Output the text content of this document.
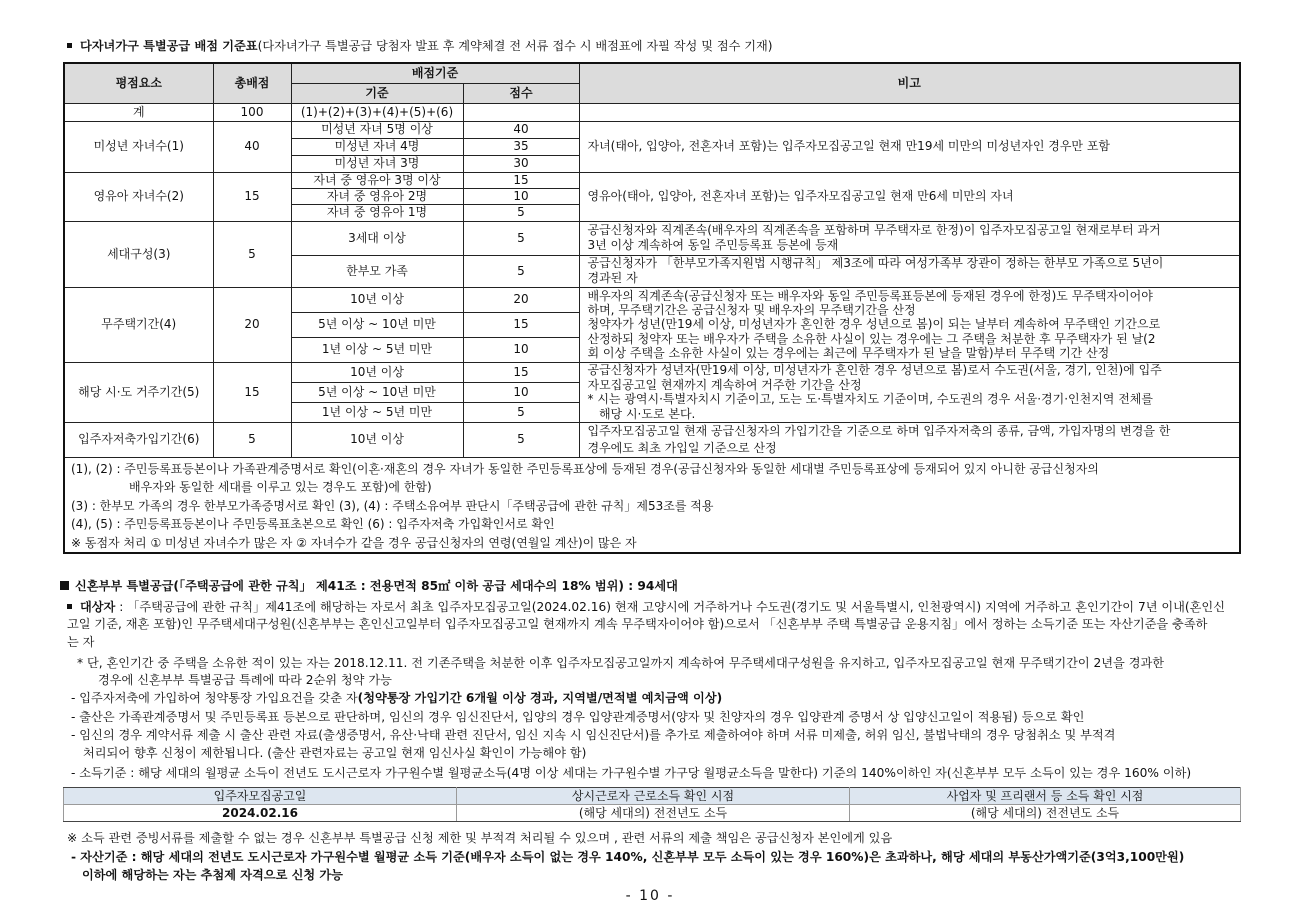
다자녀가구 특별공급 배점 기준표(다자녀가구 특별공급 당첨자 발표 후 계약체결 전 서류 접수 시 배점표에 자필 작성 및 점수 기재)
평점요소	총배점	배점기준		비고
		기준	점수	
계	100	(1)+(2)+(3)+(4)+(5)+(6)		
미성년 자녀수(1)	40	미성년 자녀 5명 이상	40	자녀(태아, 입양아, 전혼자녀 포함)는 입주자모집공고일 현재 만19세 미만의 미성년자인 경우만 포함
		미성년 자녀 4명	35	
		미성년 자녀 3명	30	
영유아 자녀수(2)	15	자녀 중 영유아 3명 이상	15	영유아(태아, 입양아, 전혼자녀 포함)는 입주자모집공고일 현재 만6세 미만의 자녀
		자녀 중 영유아 2명	10	
		자녀 중 영유아 1명	5	
세대구성(3)	5	3세대 이상	5	공급신청자와 직계존속(배우자의 직계존속을 포함하며 무주택자로 한정)이 입주자모집공고일 현재로부터 과거
3년 이상 계속하여 동일 주민등록표 등본에 등재
		한부모 가족	5	공급신청자가 「한부모가족지원법 시행규칙」 제3조에 따라 여성가족부 장관이 정하는 한부모 가족으로 5년이
경과된 자
무주택기간(4)	20	10년 이상	20	배우자의 직계존속(공급신청자 또는 배우자와 동일 주민등록표등본에 등재된 경우에 한정)도 무주택자이어야
하며, 무주택기간은 공급신청자 및 배우자의 무주택기간을 산정
청약자가 성년(만19세 이상, 미성년자가 혼인한 경우 성년으로 봄)이 되는 날부터 계속하여 무주택인 기간으로
산정하되 청약자 또는 배우자가 주택을 소유한 사실이 있는 경우에는 그 주택을 처분한 후 무주택자가 된 날(2
회 이상 주택을 소유한 사실이 있는 경우에는 최근에 무주택자가 된 날을 말함)부터 무주택 기간 산정
		5년 이상 ~ 10년 미만	15	
		1년 이상 ~ 5년 미만	10	
해당 시·도 거주기간(5)	15	10년 이상	15	공급신청자가 성년자(만19세 이상, 미성년자가 혼인한 경우 성년으로 봄)로서 수도권(서울, 경기, 인천)에 입주
자모집공고일 현재까지 계속하여 거주한 기간을 산정
* 시는 광역시·특별자치시 기준이고, 도는 도·특별자치도 기준이며, 수도권의 경우 서울·경기·인천지역 전체를
해당 시·도로 본다.
		5년 이상 ~ 10년 미만	10	
		1년 이상 ~ 5년 미만	5	
입주자저축가입기간(6)	5	10년 이상	5	입주자모집공고일 현재 공급신청자의 가입기간을 기준으로 하며 입주자저축의 종류, 금액, 가입자명의 변경을 한
경우에도 최초 가입일 기준으로 산정
(1), (2) : 주민등록표등본이나 가족관계증명서로 확인(이혼·재혼의 경우 자녀가 동일한 주민등록표상에 등재된 경우(공급신청자와 동일한 세대별 주민등록표상에 등재되어 있지 아니한 공급신청자의

배우자와 동일한 세대를 이루고 있는 경우도 포함)에 한함)
(3) : 한부모 가족의 경우 한부모가족증명서로 확인 (3), (4) : 주택소유여부 판단시「주택공급에 관한 규칙」제53조를 적용
(4), (5) : 주민등록표등본이나 주민등록표초본으로 확인 (6) : 입주자저축 가입확인서로 확인
※ 동점자 처리 ① 미성년 자녀수가 많은 자 ② 자녀수가 같을 경우 공급신청자의 연령(연월일 계산)이 많은 자				
신혼부부 특별공급(「주택공급에 관한 규칙」 제41조 : 전용면적 85㎡ 이하 공급 세대수의 18% 범위) : 94세대
대상자 : 「주택공급에 관한 규칙」제41조에 해당하는 자로서 최초 입주자모집공고일(2024.02.16) 현재 고양시에 거주하거나 수도권(경기도 및 서울특별시, 인천광역시) 지역에 거주하고 혼인기간이 7년 이내(혼인신
고일 기준, 재혼 포함)인 무주택세대구성원(신혼부부는 혼인신고일부터 입주자모집공고일 현재까지 계속 무주택자이어야 함)으로서 「신혼부부 주택 특별공급 운용지침」에서 정하는 소득기준 또는 자산기준을 충족하
는 자
* 단, 혼인기간 중 주택을 소유한 적이 있는 자는 2018.12.11. 전 기존주택을 처분한 이후 입주자모집공고일까지 계속하여 무주택세대구성원을 유지하고, 입주자모집공고일 현재 무주택기간이 2년을 경과한
경우에 신혼부부 특별공급 특례에 따라 2순위 청약 가능
- 입주자저축에 가입하여 청약통장 가입요건을 갖춘 자(청약통장 가입기간 6개월 이상 경과, 지역별/면적별 예치금액 이상)
- 출산은 가족관계증명서 및 주민등록표 등본으로 판단하며, 임신의 경우 임신진단서, 입양의 경우 입양관계증명서(양자 및 친양자의 경우 입양관계 증명서 상 입양신고일이 적용됨) 등으로 확인
- 임신의 경우 계약서류 제출 시 출산 관련 자료(출생증명서, 유산·낙태 관련 진단서, 임신 지속 시 임신진단서)를 추가로 제출하여야 하며 서류 미제출, 허위 임신, 불법낙태의 경우 당첨취소 및 부적격
처리되어 향후 신청이 제한됩니다. (출산 관련자료는 공고일 현재 임신사실 확인이 가능해야 함)
- 소득기준 : 해당 세대의 월평균 소득이 전년도 도시근로자 가구원수별 월평균소득(4명 이상 세대는 가구원수별 가구당 월평균소득을 말한다) 기준의 140%이하인 자(신혼부부 모두 소득이 있는 경우 160% 이하)
입주자모집공고일	상시근로자 근로소득 확인 시점	사업자 및 프리랜서 등 소득 확인 시점
2024.02.16	(해당 세대의) 전전년도 소득	(해당 세대의) 전전년도 소득
※ 소득 관련 증빙서류를 제출할 수 없는 경우 신혼부부 특별공급 신청 제한 및 부적격 처리될 수 있으며 , 관련 서류의 제출 책임은 공급신청자 본인에게 있음
- 자산기준 : 해당 세대의 전년도 도시근로자 가구원수별 월평균 소득 기준(배우자 소득이 없는 경우 140%, 신혼부부 모두 소득이 있는 경우 160%)은 초과하나, 해당 세대의 부동산가액기준(3억3,100만원)
이하에 해당하는 자는 추첨제 자격으로 신청 가능
- 10 -
